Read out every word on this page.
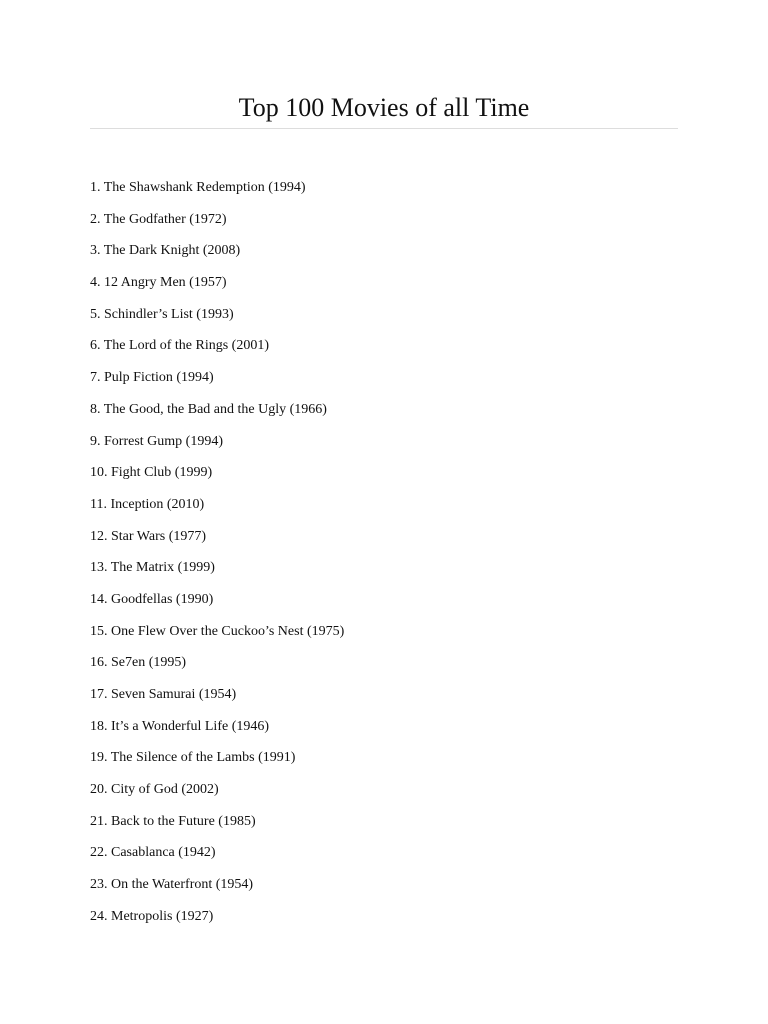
Top 100 Movies of all Time
1. The Shawshank Redemption (1994)
2. The Godfather (1972)
3. The Dark Knight (2008)
4. 12 Angry Men (1957)
5. Schindler’s List (1993)
6. The Lord of the Rings (2001)
7. Pulp Fiction (1994)
8. The Good, the Bad and the Ugly (1966)
9. Forrest Gump (1994)
10. Fight Club (1999)
11. Inception (2010)
12. Star Wars (1977)
13. The Matrix (1999)
14. Goodfellas (1990)
15. One Flew Over the Cuckoo’s Nest (1975)
16. Se7en (1995)
17. Seven Samurai (1954)
18. It’s a Wonderful Life (1946)
19. The Silence of the Lambs (1991)
20. City of God (2002)
21. Back to the Future (1985)
22. Casablanca (1942)
23. On the Waterfront (1954)
24. Metropolis (1927)
